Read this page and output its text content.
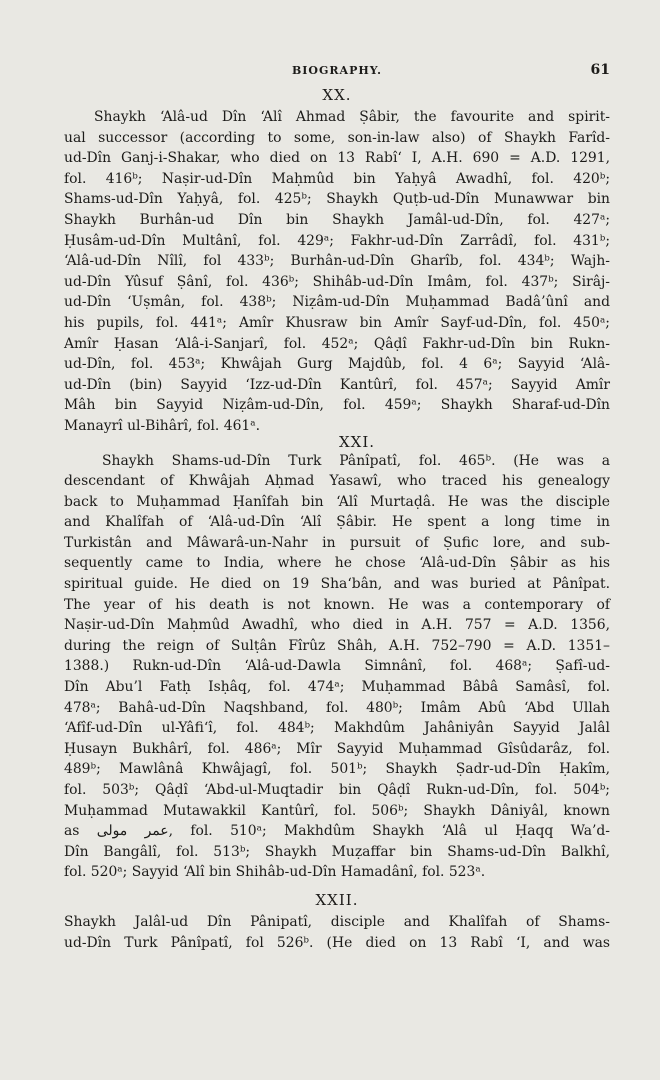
BIOGRAPHY.	61
XX.
Shaykh ‘Alâ-ud Dîn ‘Alî Ahmad Ṣâbir, the favourite and spirit-
ual successor (according to some, son-in-law also) of Shaykh Farîd-
ud-Dîn Ganj-i-Shakar, who died on 13 Rabî‘ I, A.H. 690 = A.D. 1291,
fol. 416ᵇ; Naṣir-ud-Dîn Maḥmûd bin Yaḥyâ Awadhî, fol. 420ᵇ;
Shams-ud-Dîn Yaḥyâ, fol. 425ᵇ; Shaykh Quṭb-ud-Dîn Munawwar bin
Shaykh Burhân-ud Dîn bin Shaykh Jamâl-ud-Dîn, fol. 427ᵃ;
Ḥusâm-ud-Dîn Multânî, fol. 429ᵃ; Fakhr-ud-Dîn Zarrâdî, fol. 431ᵇ;
‘Alâ-ud-Dîn Nîlî, fol 433ᵇ; Burhân-ud-Dîn Gharîb, fol. 434ᵇ; Wajh-
ud-Dîn Yûsuf Ṣânî, fol. 436ᵇ; Shihâb-ud-Dîn Imâm, fol. 437ᵇ; Sirâj-
ud-Dîn ‘Uṣmân, fol. 438ᵇ; Niẓâm-ud-Dîn Muḥammad Badâ’ûnî and
his pupils, fol. 441ᵃ; Amîr Khusraw bin Amîr Sayf-ud-Dîn, fol. 450ᵃ;
Amîr Ḥasan ‘Alâ-i-Sanjarî, fol. 452ᵃ; Qâḍî Fakhr-ud-Dîn bin Rukn-
ud-Dîn, fol. 453ᵃ; Khwâjah Gurg Majdûb, fol. 4 6ᵃ; Sayyid ‘Alâ-
ud-Dîn (bin) Sayyid ‘Izz-ud-Dîn Kantûrî, fol. 457ᵃ; Sayyid Amîr
Mâh bin Sayyid Niẓâm-ud-Dîn, fol. 459ᵃ; Shaykh Sharaf-ud-Dîn
Manayrî ul-Bihârî, fol. 461ᵃ.
XXI.
Shaykh Shams-ud-Dîn Turk Pânîpatî, fol. 465ᵇ. (He was a
descendant of Khwâjah Aḥmad Yasawî, who traced his genealogy
back to Muḥammad Ḥanîfah bin ‘Alî Murtaḍâ. He was the disciple
and Khalîfah of ‘Alâ-ud-Dîn ‘Alî Ṣâbir. He spent a long time in
Turkistân and Mâwarâ-un-Nahr in pursuit of Ṣufic lore, and sub-
sequently came to India, where he chose ‘Alâ-ud-Dîn Ṣâbir as his
spiritual guide. He died on 19 Sha‘bân, and was buried at Pânîpat.
The year of his death is not known. He was a contemporary of
Naṣir-ud-Dîn Maḥmûd Awadhî, who died in A.H. 757 = A.D. 1356,
during the reign of Sulṭân Fîrûz Shâh, A.H. 752–790 = A.D. 1351–
1388.) Rukn-ud-Dîn ‘Alâ-ud-Dawla Simnânî, fol. 468ᵃ; Ṣafî-ud-
Dîn Abu’l Fatḥ Isḥâq, fol. 474ᵃ; Muḥammad Bâbâ Samâsî, fol.
478ᵃ; Bahâ-ud-Dîn Naqshband, fol. 480ᵇ; Imâm Abû ‘Abd Ullah
‘Afîf-ud-Dîn ul-Yâfi‘î, fol. 484ᵇ; Makhdûm Jahâniyân Sayyid Jalâl
Ḥusayn Bukhârî, fol. 486ᵃ; Mîr Sayyid Muḥammad Gîsûdarâz, fol.
489ᵇ; Mawlânâ Khwâjagî, fol. 501ᵇ; Shaykh Ṣadr-ud-Dîn Ḥakîm,
fol. 503ᵇ; Qâḍî ‘Abd-ul-Muqtadir bin Qâḍî Rukn-ud-Dîn, fol. 504ᵇ;
Muḥammad Mutawakkil Kantûrî, fol. 506ᵇ; Shaykh Dâniyâl, known
as عمر مولى, fol. 510ᵃ; Makhdûm Shaykh ‘Alâ ul Ḥaqq Wa’d-
Dîn Bangâlî, fol. 513ᵇ; Shaykh Muẓaffar bin Shams-ud-Dîn Balkhî,
fol. 520ᵃ; Sayyid ‘Alî bin Shihâb-ud-Dîn Hamadânî, fol. 523ᵃ.
XXII.
Shaykh Jalâl-ud Dîn Pânipatî, disciple and Khalîfah of Shams-
ud-Dîn Turk Pânîpatî, fol 526ᵇ. (He died on 13 Rabî ‘I, and was
